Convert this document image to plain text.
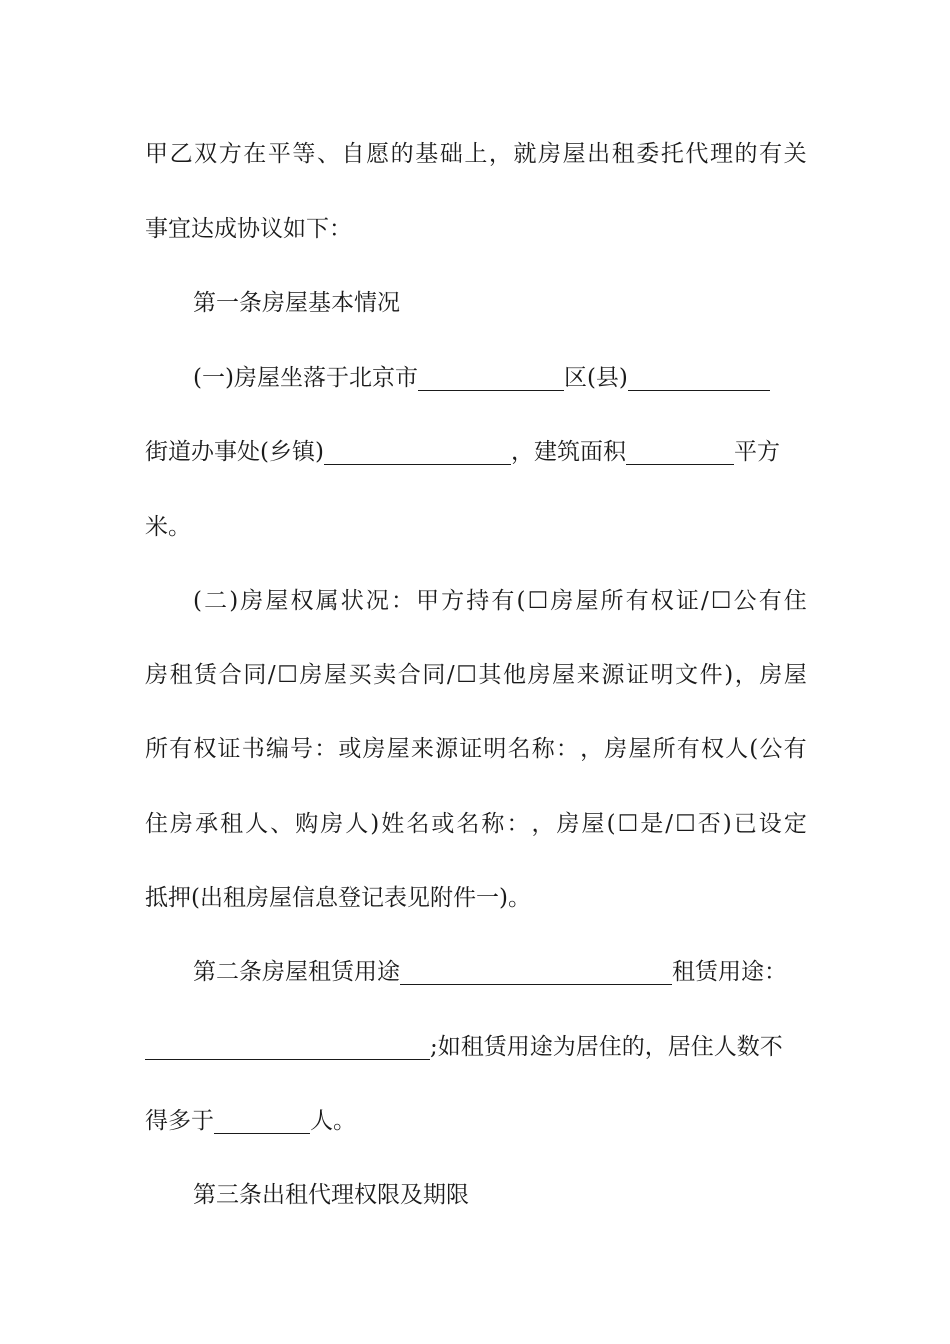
甲 乙 双 方 在 平 等 、 自 愿 的 基 础 上 ， 就 房 屋 出 租 委 托 代 理 的 有 关
事宜达成协议如下：
第一条房屋基本情况
(一)房屋坐落于北京市	区(县)
街道办事处(乡镇)	，建筑面积	平方
米。
( 二 ) 房 屋 权 属 状 况 ： 甲 方 持 有 ( ☐ 房 屋 所 有 权 证 / ☐ 公 有 住
房 租 赁 合 同 / ☐ 房 屋 买 卖 合 同 / ☐ 其 他 房 屋 来 源 证 明 文 件 ) ， 房 屋
所 有 权 证 书 编 号 ： 或 房 屋 来 源 证 明 名 称 ： ， 房 屋 所 有 权 人 ( 公 有
住 房 承 租 人 、 购 房 人 ) 姓 名 或 名 称 ： ， 房 屋 ( ☐ 是 / ☐ 否 ) 已 设 定
抵押(出租房屋信息登记表见附件一)。
第二条房屋租赁用途	租赁用途：
;如租赁用途为居住的，居住人数不
得多于	人。
第三条出租代理权限及期限
